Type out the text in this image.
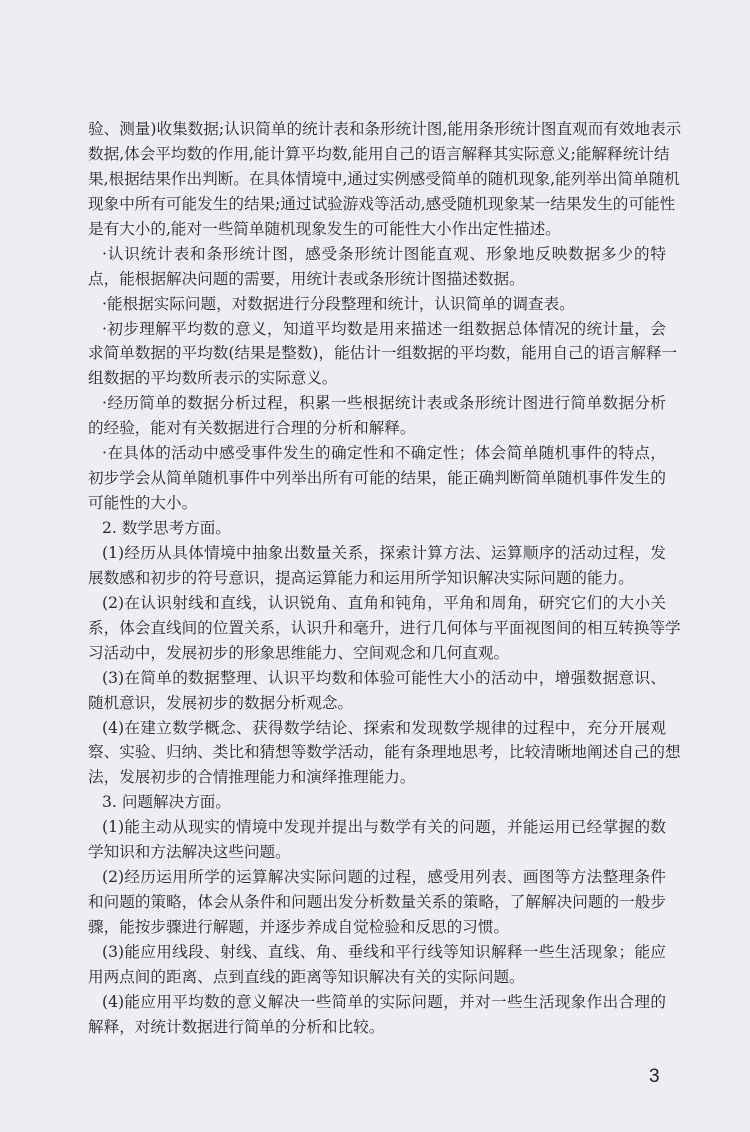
验、测量)收集数据;认识简单的统计表和条形统计图,能用条形统计图直观而有效地表示
数据,体会平均数的作用,能计算平均数,能用自己的语言解释其实际意义;能解释统计结
果,根据结果作出判断。在具体情境中,通过实例感受简单的随机现象,能列举出简单随机
现象中所有可能发生的结果;通过试验游戏等活动,感受随机现象某一结果发生的可能性
是有大小的,能对一些简单随机现象发生的可能性大小作出定性描述。
·认识统计表和条形统计图，感受条形统计图能直观、形象地反映数据多少的特
点，能根据解决问题的需要，用统计表或条形统计图描述数据。
·能根据实际问题，对数据进行分段整理和统计，认识简单的调查表。
·初步理解平均数的意义，知道平均数是用来描述一组数据总体情况的统计量，会
求简单数据的平均数(结果是整数)，能估计一组数据的平均数，能用自己的语言解释一
组数据的平均数所表示的实际意义。
·经历简单的数据分析过程，积累一些根据统计表或条形统计图进行简单数据分析
的经验，能对有关数据进行合理的分析和解释。
·在具体的活动中感受事件发生的确定性和不确定性；体会简单随机事件的特点，
初步学会从简单随机事件中列举出所有可能的结果，能正确判断简单随机事件发生的
可能性的大小。
2. 数学思考方面。
(1)经历从具体情境中抽象出数量关系，探索计算方法、运算顺序的活动过程，发
展数感和初步的符号意识，提高运算能力和运用所学知识解决实际问题的能力。
(2)在认识射线和直线，认识锐角、直角和钝角，平角和周角，研究它们的大小关
系，体会直线间的位置关系，认识升和毫升，进行几何体与平面视图间的相互转换等学
习活动中，发展初步的形象思维能力、空间观念和几何直观。
(3)在简单的数据整理、认识平均数和体验可能性大小的活动中，增强数据意识、
随机意识，发展初步的数据分析观念。
(4)在建立数学概念、获得数学结论、探索和发现数学规律的过程中，充分开展观
察、实验、归纳、类比和猜想等数学活动，能有条理地思考，比较清晰地阐述自己的想
法，发展初步的合情推理能力和演绎推理能力。
3. 问题解决方面。
(1)能主动从现实的情境中发现并提出与数学有关的问题，并能运用已经掌握的数
学知识和方法解决这些问题。
(2)经历运用所学的运算解决实际问题的过程，感受用列表、画图等方法整理条件
和问题的策略，体会从条件和问题出发分析数量关系的策略，了解解决问题的一般步
骤，能按步骤进行解题，并逐步养成自觉检验和反思的习惯。
(3)能应用线段、射线、直线、角、垂线和平行线等知识解释一些生活现象；能应
用两点间的距离、点到直线的距离等知识解决有关的实际问题。
(4)能应用平均数的意义解决一些简单的实际问题，并对一些生活现象作出合理的
解释，对统计数据进行简单的分析和比较。
3
